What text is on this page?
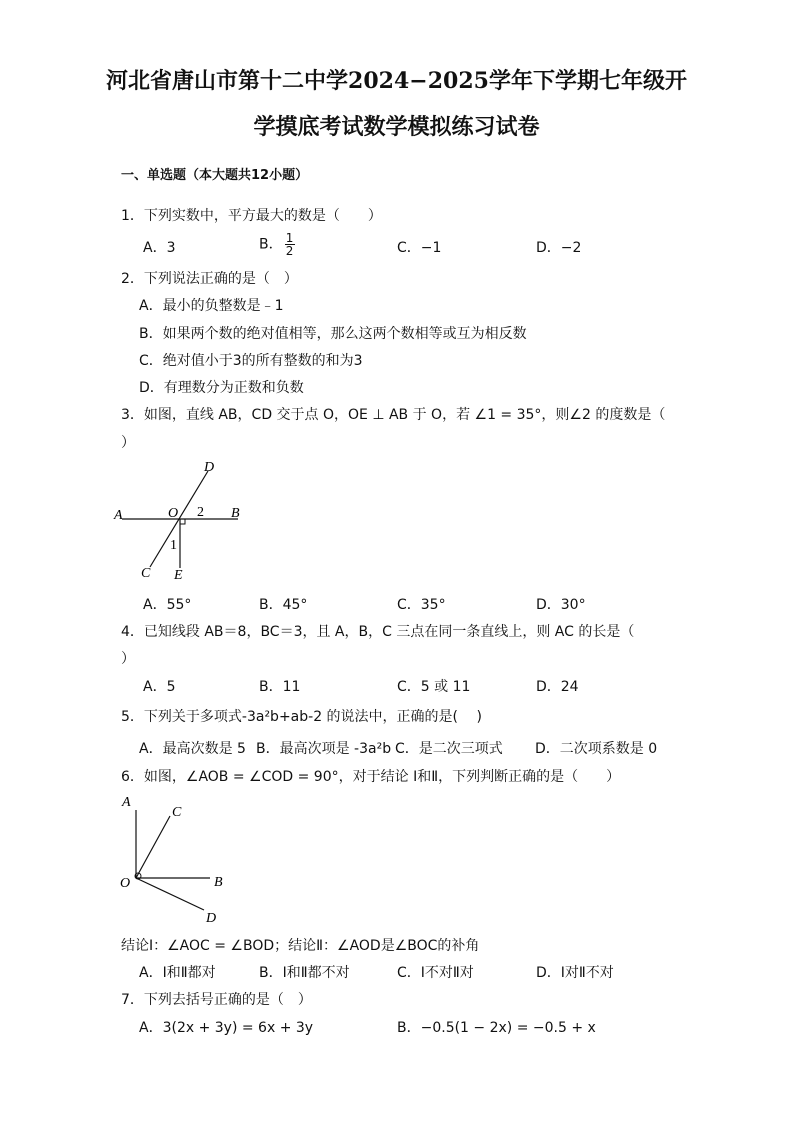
河北省唐山市第十二中学2024−2025学年下学期七年级开
学摸底考试数学模拟练习试卷
一、单选题（本大题共12小题）
1．下列实数中，平方最大的数是（　　）
A．3	B． $\frac{1}{2}$	C．−1	D．−2
2．下列说法正确的是（　）
A．最小的负整数是﹣1
B．如果两个数的绝对值相等，那么这两个数相等或互为相反数
C．绝对值小于3的所有整数的和为3
D．有理数分为正数和负数
3．如图，直线 AB，CD 交于点 O，OE ⊥ AB 于 O，若 ∠1 = 35°，则∠2 的度数是（
）
A	B
C
D
E
O
1
2
A．55°	B．45°	C．35°	D．30°
4．已知线段 AB＝8，BC＝3，且 A，B，C 三点在同一条直线上，则 AC 的长是（
）
A．5	B．11	C．5 或 11	D．24
5．下列关于多项式-3a²b+ab-2 的说法中，正确的是(　 )
A．最高次数是 5 B．最高次项是 -3a²b C．是二次三项式 D．二次项系数是 0
6．如图，∠AOB = ∠COD = 90°，对于结论 Ⅰ和Ⅱ，下列判断正确的是（　　）
A
B
C
D
O
结论Ⅰ：∠AOC = ∠BOD；结论Ⅱ：∠AOD是∠BOC的补角
A．Ⅰ和Ⅱ都对	B．Ⅰ和Ⅱ都不对	C．Ⅰ不对Ⅱ对	D．Ⅰ对Ⅱ不对
7．下列去括号正确的是（　）
A．3(2x + 3y) = 6x + 3y	B．−0.5(1 − 2x) = −0.5 + x
